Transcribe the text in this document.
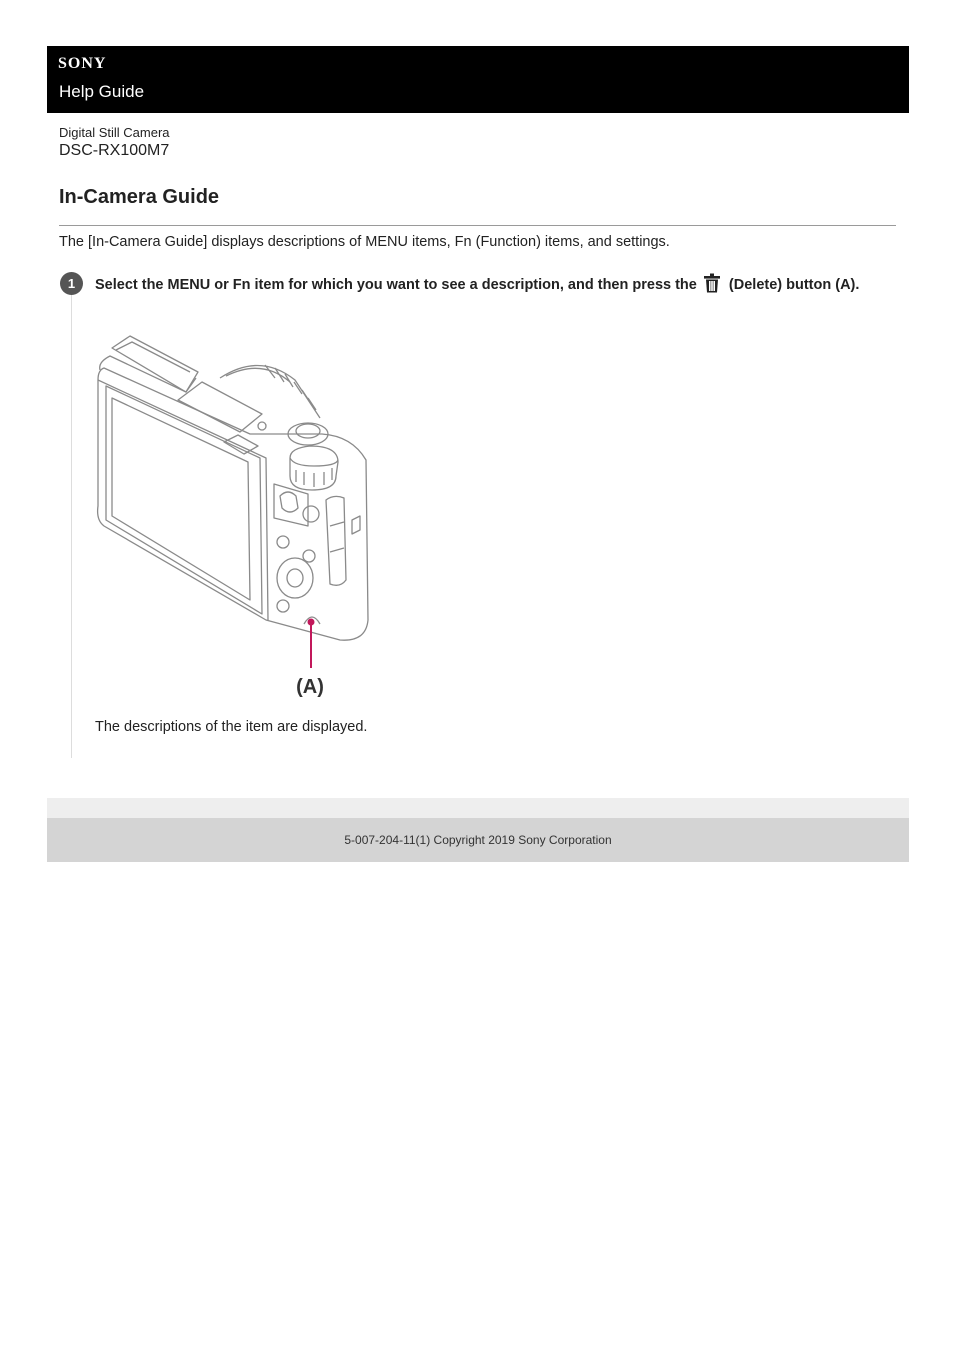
SONY
Help Guide
Digital Still Camera
DSC-RX100M7
In-Camera Guide
The [In-Camera Guide] displays descriptions of MENU items, Fn (Function) items, and settings.
1	Select the MENU or Fn item for which you want to see a description, and then press the (Delete) button (A).
(A)
The descriptions of the item are displayed.
5-007-204-11(1) Copyright 2019 Sony Corporation
